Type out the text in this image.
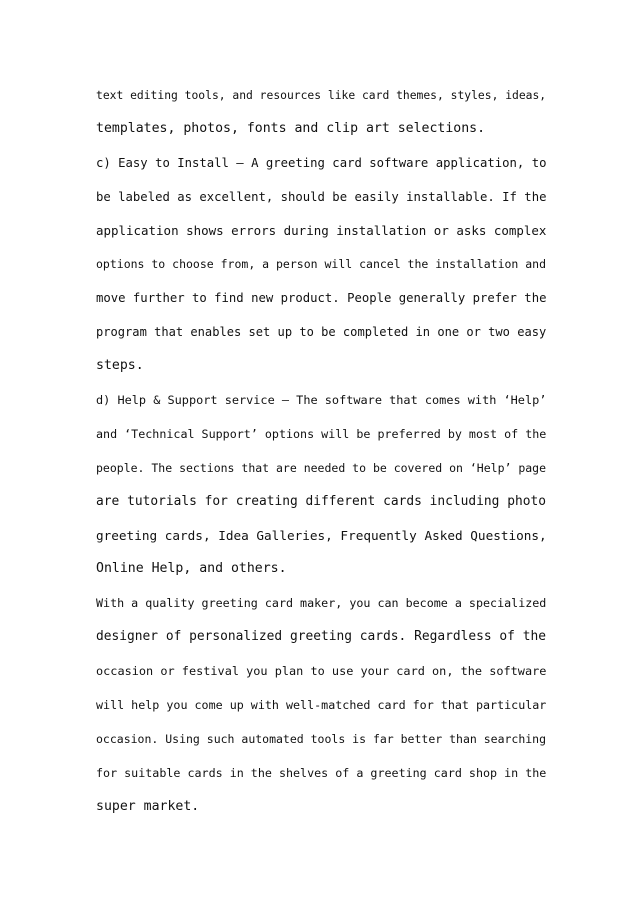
text editing tools, and resources like card themes, styles, ideas,
templates, photos, fonts and clip art selections.
c) Easy to Install – A greeting card software application, to
be labeled as excellent, should be easily installable. If the
application shows errors during installation or asks complex
options to choose from, a person will cancel the installation and
move further to find new product. People generally prefer the
program that enables set up to be completed in one or two easy
steps.
d) Help & Support service – The software that comes with ‘Help’
and ‘Technical Support’ options will be preferred by most of the
people. The sections that are needed to be covered on ‘Help’ page
are tutorials for creating different cards including photo
greeting cards, Idea Galleries, Frequently Asked Questions,
Online Help, and others.
With a quality greeting card maker, you can become a specialized
designer of personalized greeting cards. Regardless of the
occasion or festival you plan to use your card on, the software
will help you come up with well-matched card for that particular
occasion. Using such automated tools is far better than searching
for suitable cards in the shelves of a greeting card shop in the
super market.
